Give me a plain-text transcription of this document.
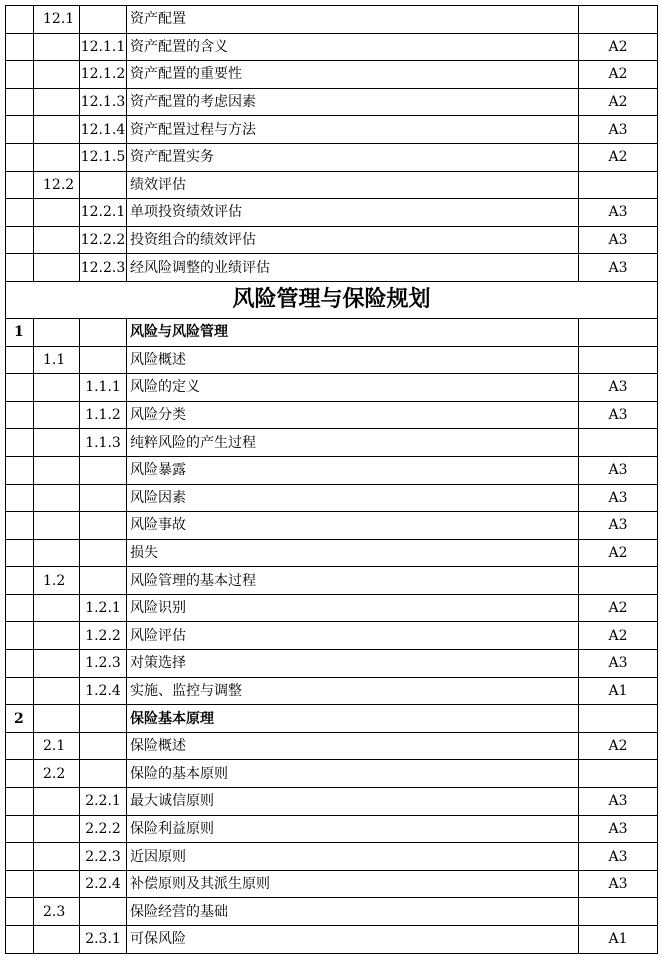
	12.1		资产配置	
		12.1.1	资产配置的含义	A2
		12.1.2	资产配置的重要性	A2
		12.1.3	资产配置的考虑因素	A2
		12.1.4	资产配置过程与方法	A3
		12.1.5	资产配置实务	A2
	12.2		绩效评估	
		12.2.1	单项投资绩效评估	A3
		12.2.2	投资组合的绩效评估	A3
		12.2.3	经风险调整的业绩评估	A3
风险管理与保险规划				
1			风险与风险管理	
	1.1		风险概述	
		1.1.1	风险的定义	A3
		1.1.2	风险分类	A3
		1.1.3	纯粹风险的产生过程	
			风险暴露	A3
			风险因素	A3
			风险事故	A3
			损失	A2
	1.2		风险管理的基本过程	
		1.2.1	风险识别	A2
		1.2.2	风险评估	A2
		1.2.3	对策选择	A3
		1.2.4	实施、监控与调整	A1
2			保险基本原理	
	2.1		保险概述	A2
	2.2		保险的基本原则	
		2.2.1	最大诚信原则	A3
		2.2.2	保险利益原则	A3
		2.2.3	近因原则	A3
		2.2.4	补偿原则及其派生原则	A3
	2.3		保险经营的基础	
		2.3.1	可保风险	A1
